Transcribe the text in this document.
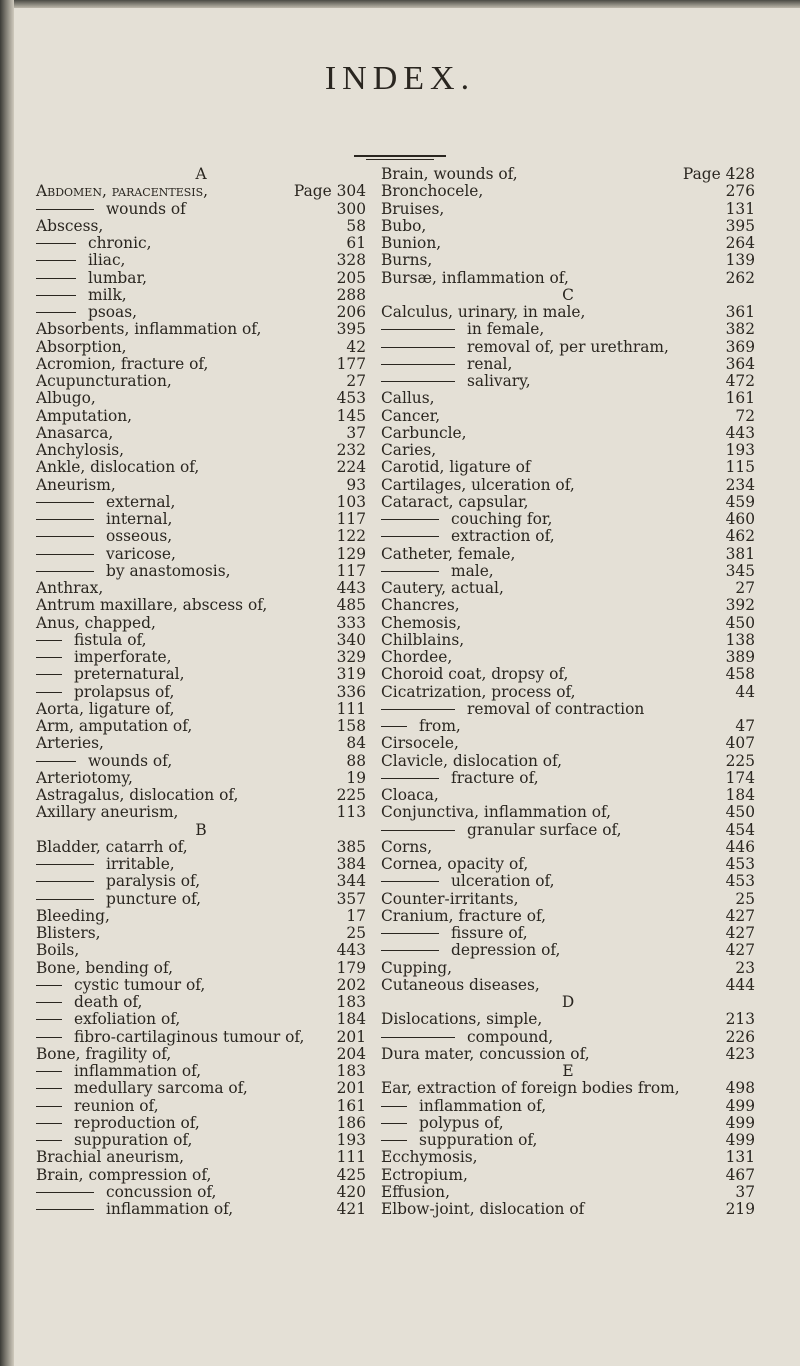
INDEX.
A
Abdomen, paracentesis,	Page 304
wounds of	300
Abscess,	58
chronic,	61
iliac,	328
lumbar,	205
milk,	288
psoas,	206
Absorbents, inflammation of,	395
Absorption,	42
Acromion, fracture of,	177
Acupuncturation,	27
Albugo,	453
Amputation,	145
Anasarca,	37
Anchylosis,	232
Ankle, dislocation of,	224
Aneurism,	93
external,	103
internal,	117
osseous,	122
varicose,	129
by anastomosis,	117
Anthrax,	443
Antrum maxillare, abscess of,	485
Anus, chapped,	333
fistula of,	340
imperforate,	329
preternatural,	319
prolapsus of,	336
Aorta, ligature of,	111
Arm, amputation of,	158
Arteries,	84
wounds of,	88
Arteriotomy,	19
Astragalus, dislocation of,	225
Axillary aneurism,	113
B
Bladder, catarrh of,	385
irritable,	384
paralysis of,	344
puncture of,	357
Bleeding,	17
Blisters,	25
Boils,	443
Bone, bending of,	179
cystic tumour of,	202
death of,	183
exfoliation of,	184
fibro-cartilaginous tumour of, 201
Bone, fragility of,	204
inflammation of,	183
medullary sarcoma of,	201
reunion of,	161
reproduction of,	186
suppuration of,	193
Brachial aneurism,	111
Brain, compression of,	425
concussion of,	420
inflammation of,	421
Brain, wounds of,	Page 428
Bronchocele,	276
Bruises,	131
Bubo,	395
Bunion,	264
Burns,	139
Bursæ, inflammation of,	262
C
Calculus, urinary, in male,	361
in female,	382
removal of, per urethram,	369
renal,	364
salivary,	472
Callus,	161
Cancer,	72
Carbuncle,	443
Caries,	193
Carotid, ligature of	115
Cartilages, ulceration of,	234
Cataract, capsular,	459
couching for,	460
extraction of,	462
Catheter, female,	381
male,	345
Cautery, actual,	27
Chancres,	392
Chemosis,	450
Chilblains,	138
Chordee,	389
Choroid coat, dropsy of,	458
Cicatrization, process of,	44
removal of contraction
from,	47
Cirsocele,	407
Clavicle, dislocation of,	225
fracture of,	174
Cloaca,	184
Conjunctiva, inflammation of,	450
granular surface of,	454
Corns,	446
Cornea, opacity of,	453
ulceration of,	453
Counter-irritants,	25
Cranium, fracture of,	427
fissure of,	427
depression of,	427
Cupping,	23
Cutaneous diseases,	444
D
Dislocations, simple,	213
compound,	226
Dura mater, concussion of,	423
E
Ear, extraction of foreign bodies from,	498
inflammation of,	499
polypus of,	499
suppuration of,	499
Ecchymosis,	131
Ectropium,	467
Effusion,	37
Elbow-joint, dislocation of	219
